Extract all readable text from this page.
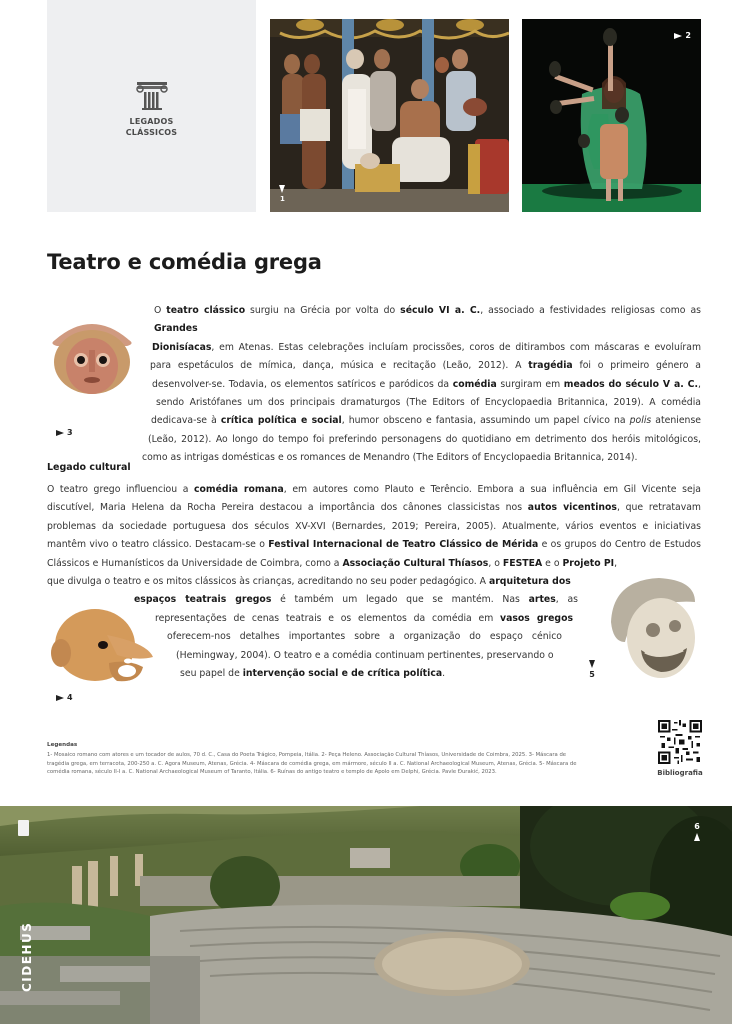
LEGADOS
CLÁSSICOS
1
2
Teatro e comédia grega
3
O teatro clássico surgiu na Grécia por volta do século VI a. C., associado a festividades religiosas como as Grandes
Dionisíacas, em Atenas. Estas celebrações incluíam procissões, coros de ditirambos com máscaras e evoluíram
para espetáculos de mímica, dança, música e recitação (Leão, 2012). A tragédia foi o primeiro género a
desenvolver-se. Todavia, os elementos satíricos e paródicos da comédia surgiram em meados do século V a. C.,
sendo Aristófanes um dos principais dramaturgos (The Editors of Encyclopaedia Britannica, 2019). A comédia
dedicava-se à crítica política e social, humor obsceno e fantasia, assumindo um papel cívico na polis ateniense
(Leão, 2012). Ao longo do tempo foi preferindo personagens do quotidiano em detrimento dos heróis mitológicos,
como as intrigas domésticas e os romances de Menandro (The Editors of Encyclopaedia Britannica, 2014).
Legado cultural
O teatro grego influenciou a comédia romana, em autores como Plauto e Terêncio. Embora a sua influência em Gil Vicente seja
discutível, Maria Helena da Rocha Pereira destacou a importância dos cânones classicistas nos autos vicentinos, que retratavam
problemas da sociedade portuguesa dos séculos XV-XVI (Bernardes, 2019; Pereira, 2005). Atualmente, vários eventos e iniciativas
mantêm vivo o teatro clássico. Destacam-se o Festival Internacional de Teatro Clássico de Mérida e os grupos do Centro de Estudos
Clássicos e Humanísticos da Universidade de Coimbra, como a Associação Cultural Thíasos, o FESTEA e o Projeto PI,
que divulga o teatro e os mitos clássicos às crianças, acreditando no seu poder pedagógico. A arquitetura dos
espaços teatrais gregos é também um legado que se mantém. Nas artes, as
representações de cenas teatrais e os elementos da comédia em vasos gregos
oferecem-nos detalhes importantes sobre a organização do espaço cénico
(Hemingway, 2004). O teatro e a comédia continuam pertinentes, preservando o
seu papel de intervenção social e de crítica política.
4
5
Legendas
1- Mosaico romano com atores e um tocador de aulos, 70 d. C., Casa do Poeta Trágico, Pompeia, Itália. 2- Peça Heleno. Associação Cultural Thíasos, Universidade de Coimbra, 2025. 3- Máscara de tragédia grega, em terracota, 200-250 a. C. Agora Museum, Atenas, Grécia. 4- Máscara de comédia grega, em mármore, século II a. C. National Archaeological Museum, Atenas, Grécia. 5- Máscara de comédia romana, século II-I a. C. National Archaeological Museum of Taranto, Itália. 6- Ruínas do antigo teatro e templo de Apolo em Delphi, Grécia. Pavle Đurakić, 2023.	Bibliografia
6
CIDEHUS
